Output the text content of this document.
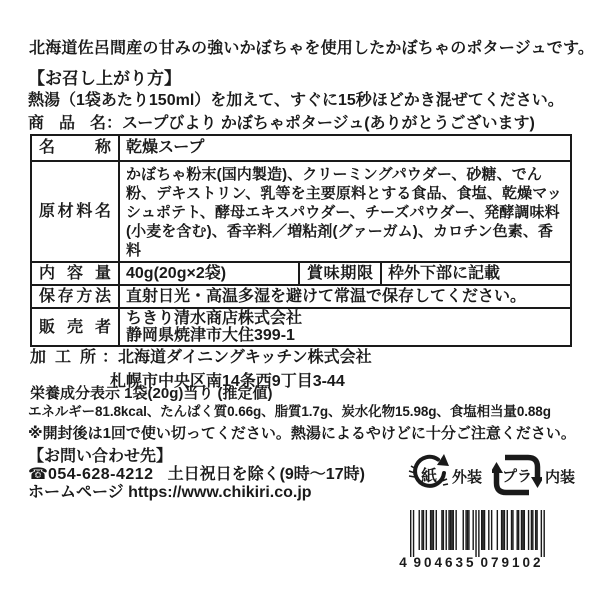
北海道佐呂間産の甘みの強いかぼちゃを使用したかぼちゃのポタージュです。
【お召し上がり方】
熱湯（1袋あたり150ml）を加えて、すぐに15秒ほどかき混ぜてください。
商品名：スープびより かぼちゃポタージュ(ありがとうございます)
名称	乾燥スープ		
原材料名	かぼちゃ粉末(国内製造)、クリーミングパウダー、砂糖、でん粉、デキストリン、乳等を主要原料とする食品、食塩、乾燥マッシュポテト、酵母エキスパウダー、チーズパウダー、発酵調味料(小麦を含む)、香辛料／増粘剤(グァーガム)、カロチン色素、香料		
内容量	40g(20g×2袋)	賞味期限	枠外下部に記載
保存方法	直射日光・高温多湿を避けて常温で保存してください。		
販売者	ちきり清水商店株式会社
静岡県焼津市大住399-1		
加工所 ：北海道ダイニングキッチン株式会社
札幌市中央区南14条西9丁目3-44
栄養成分表示 1袋(20g)当り (推定値)
エネルギー81.8kcal、たんぱく質0.66g、脂質1.7g、炭水化物15.98g、食塩相当量0.88g
※開封後は1回で使い切ってください。熱湯によるやけどに十分ご注意ください。
【お問い合わせ先】
☎054-628-4212 土日祝日を除く(9時～17時)
ホームページ https://www.chikiri.co.jp
紙 外装 プラ 内装
4 904635 079102
